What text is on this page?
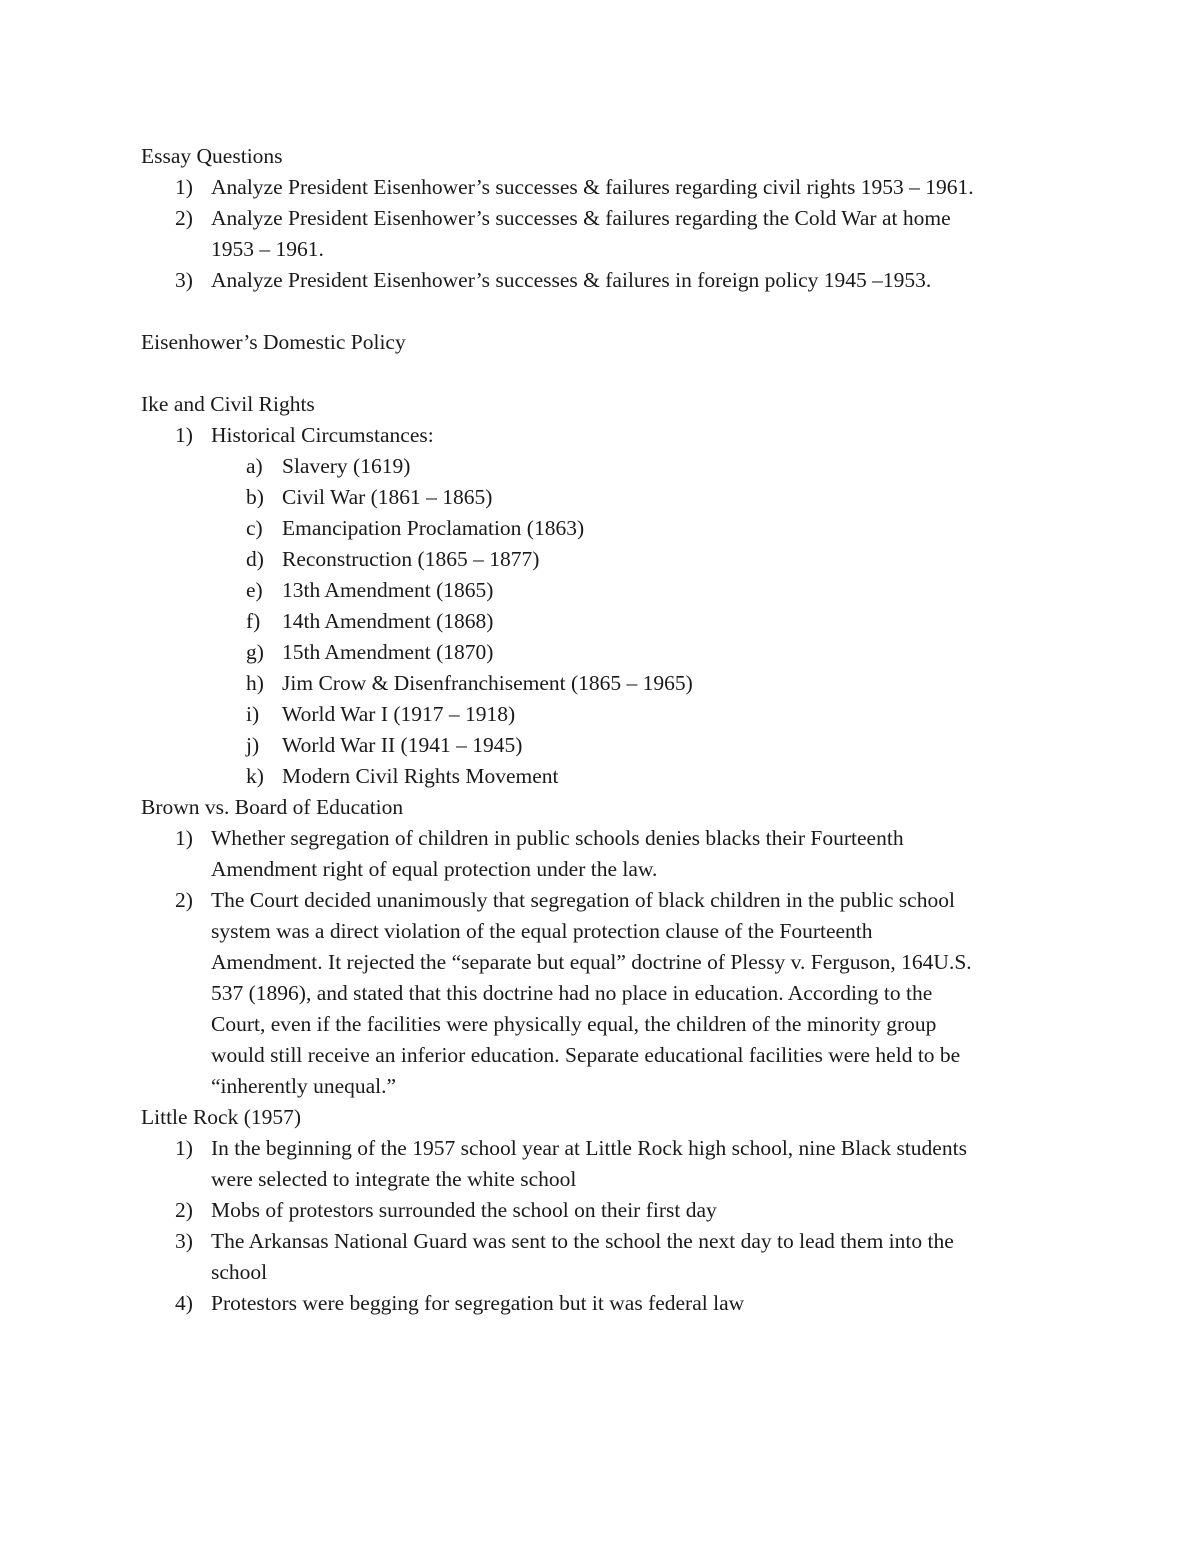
Essay Questions
1) Analyze President Eisenhower’s successes & failures regarding civil rights 1953 – 1961.
2) Analyze President Eisenhower’s successes & failures regarding the Cold War at home
1953 – 1961.
3) Analyze President Eisenhower’s successes & failures in foreign policy 1945 –1953.
Eisenhower’s Domestic Policy
Ike and Civil Rights
1) Historical Circumstances:
a) Slavery (1619)
b) Civil War (1861 – 1865)
c) Emancipation Proclamation (1863)
d) Reconstruction (1865 – 1877)
e) 13th Amendment (1865)
f) 14th Amendment (1868)
g) 15th Amendment (1870)
h) Jim Crow & Disenfranchisement (1865 – 1965)
i) World War I (1917 – 1918)
j) World War II (1941 – 1945)
k) Modern Civil Rights Movement
Brown vs. Board of Education
1) Whether segregation of children in public schools denies blacks their Fourteenth
Amendment right of equal protection under the law.
2) The Court decided unanimously that segregation of black children in the public school
system was a direct violation of the equal protection clause of the Fourteenth
Amendment. It rejected the “separate but equal” doctrine of Plessy v. Ferguson, 164U.S.
537 (1896), and stated that this doctrine had no place in education. According to the
Court, even if the facilities were physically equal, the children of the minority group
would still receive an inferior education. Separate educational facilities were held to be
“inherently unequal.”
Little Rock (1957)
1) In the beginning of the 1957 school year at Little Rock high school, nine Black students
were selected to integrate the white school
2) Mobs of protestors surrounded the school on their first day
3) The Arkansas National Guard was sent to the school the next day to lead them into the
school
4) Protestors were begging for segregation but it was federal law
